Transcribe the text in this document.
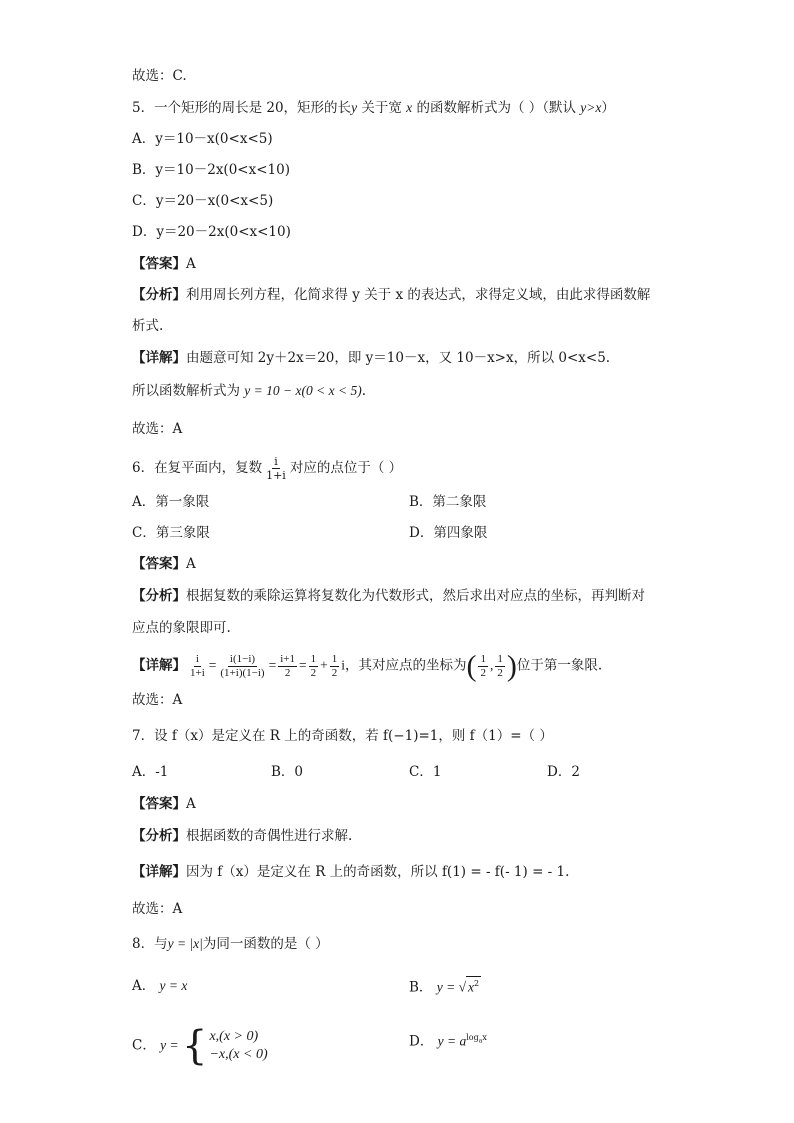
故选：C.
5．一个矩形的周长是 20，矩形的长y 关于宽 x 的函数解析式为（ ）（默认 y>x）
A．y＝10－x(0<x<5)
B．y＝10－2x(0<x<10)
C．y＝20－x(0<x<5)
D．y＝20－2x(0<x<10)
【答案】A
【分析】利用周长列方程，化简求得 y 关于 x 的表达式，求得定义域，由此求得函数解
析式.
【详解】由题意可知 2y＋2x＝20，即 y＝10－x，又 10－x>x，所以 0<x<5.
所以函数解析式为 y = 10 − x(0 < x < 5).
故选：A
6．在复平面内，复数 $\frac{i}{1+i}$ 对应的点位于（ ）
A．第一象限	B．第二象限
C．第三象限	D．第四象限
【答案】A
【分析】根据复数的乘除运算将复数化为代数形式，然后求出对应点的坐标，再判断对
应点的象限即可.
【详解】 $\frac{i}{1+i} = \frac{i(1-i)}{(1+i)(1-i)} = \frac{i+1}{2} = \frac{1}{2} + \frac{1}{2}$ i，其对应点的坐标为( $\frac{1}{2}$ , $\frac{1}{2}$ )位于第一象限.
故选：A
7．设 f（x）是定义在 R 上的奇函数，若 f(−1)=1，则 f（1）=（ ）
A．-1	B．0	C．1	D．2
【答案】A
【分析】根据函数的奇偶性进行求解.
【详解】因为 f（x）是定义在 R 上的奇函数，所以 f(1) = - f(- 1) = - 1.
故选：A
8．与y = |x|为同一函数的是（ ）
A． y = x	B． y = √ $x^2$
C． y = { x,(x > 0)
−x,(x < 0)
D． $y = a^{log_ax}$
